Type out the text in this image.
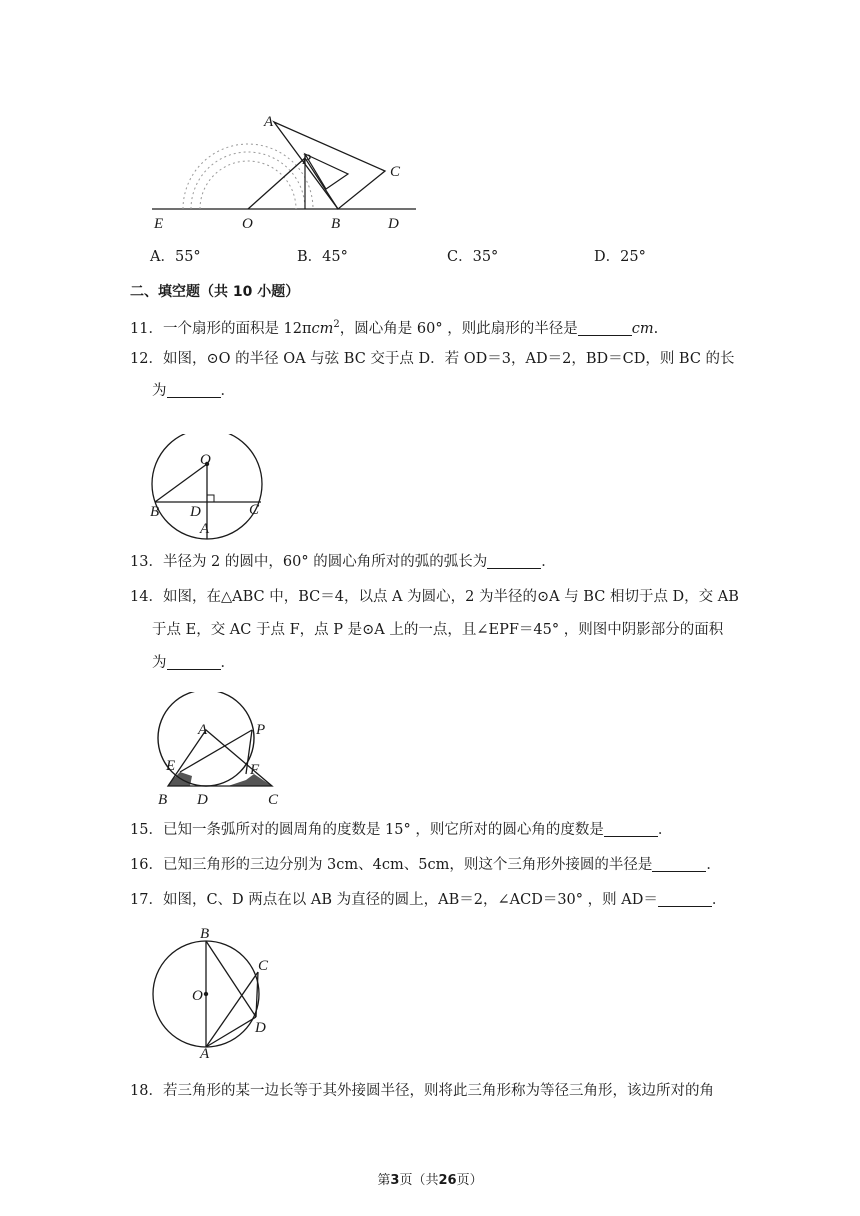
A
P
C
E	O	B	D
A．55°	B．45°	C．35°	D．25°
二、填空题（共 10 小题）
11．一个扇形的面积是 12πcm$^2$，圆心角是 60° ，则此扇形的半径是	cm.
12．如图，⊙O 的半径 OA 与弦 BC 交于点 D．若 OD＝3，AD＝2，BD＝CD，则 BC 的长
为	．
O
B D	C
A
13．半径为 2 的圆中，60° 的圆心角所对的弧的弧长为	．
14．如图，在△ABC 中，BC＝4，以点 A 为圆心，2 为半径的⊙A 与 BC 相切于点 D，交 AB
于点 E，交 AC 于点 F，点 P 是⊙A 上的一点，且∠EPF＝45° ，则图中阴影部分的面积
为	．
A	P
E	F
B D	C
15．已知一条弧所对的圆周角的度数是 15° ，则它所对的圆心角的度数是	．
16．已知三角形的三边分别为 3cm、4cm、5cm，则这个三角形外接圆的半径是	．
17．如图，C、D 两点在以 AB 为直径的圆上，AB＝2，∠ACD＝30° ，则 AD＝	．
B
C
O
D
A
18．若三角形的某一边长等于其外接圆半径，则将此三角形称为等径三角形，该边所对的角
第3页（共26页）
